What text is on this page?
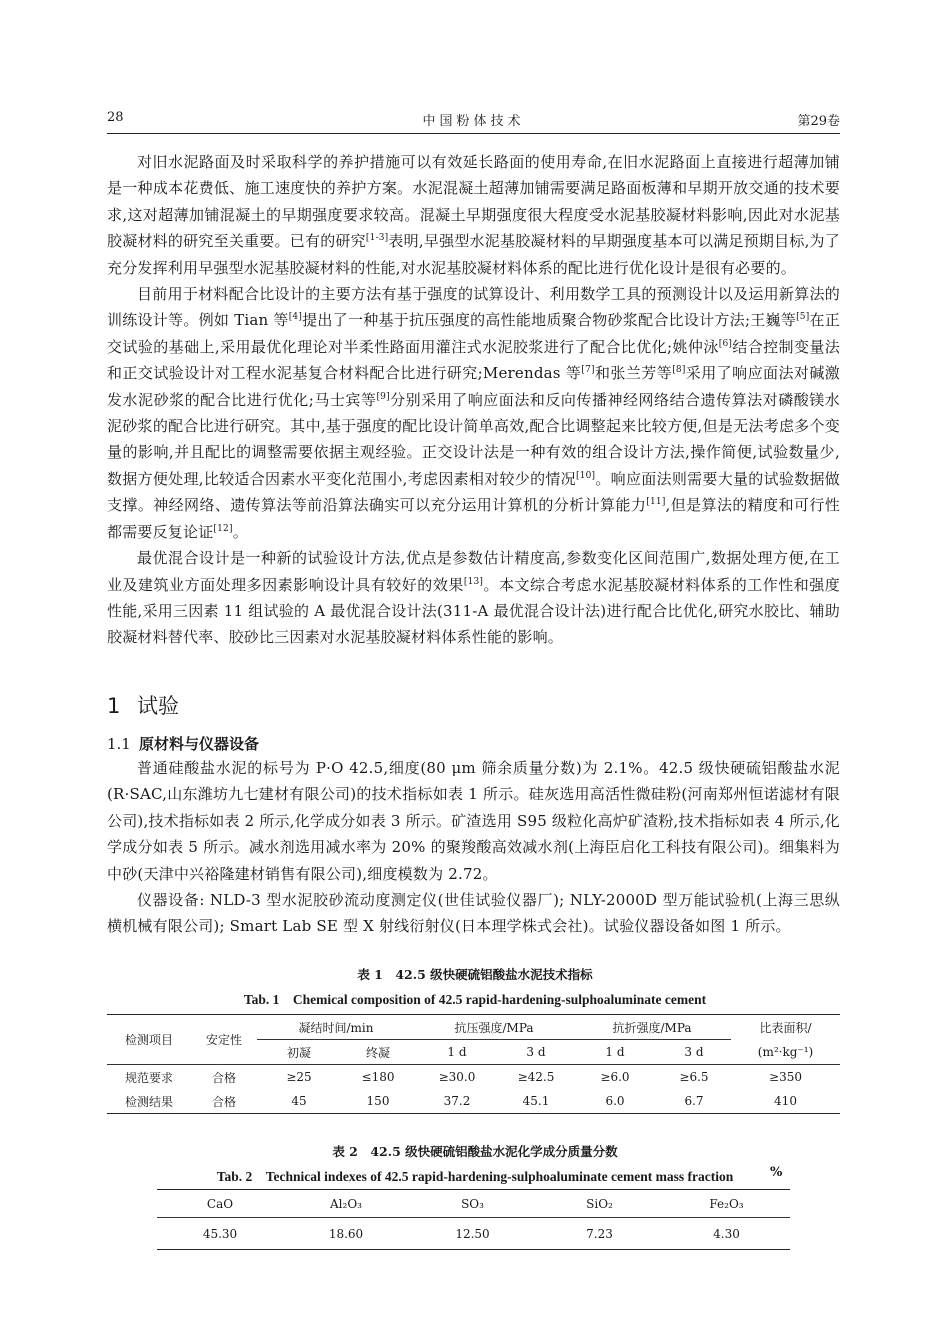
28	中国粉体技术	第29卷

对旧水泥路面及时采取科学的养护措施可以有效延长路面的使用寿命,在旧水泥路面上直接进行超薄加铺是一种成本花费低、施工速度快的养护方案。水泥混凝土超薄加铺需要满足路面板薄和早期开放交通的技术要求,这对超薄加铺混凝土的早期强度要求较高。混凝土早期强度很大程度受水泥基胶凝材料影响,因此对水泥基胶凝材料的研究至关重要。已有的研究[1-3]表明,早强型水泥基胶凝材料的早期强度基本可以满足预期目标,为了充分发挥利用早强型水泥基胶凝材料的性能,对水泥基胶凝材料体系的配比进行优化设计是很有必要的。

目前用于材料配合比设计的主要方法有基于强度的试算设计、利用数学工具的预测设计以及运用新算法的训练设计等。例如 Tian 等[4]提出了一种基于抗压强度的高性能地质聚合物砂浆配合比设计方法;王巍等[5]在正交试验的基础上,采用最优化理论对半柔性路面用灌注式水泥胶浆进行了配合比优化;姚仲泳[6]结合控制变量法和正交试验设计对工程水泥基复合材料配合比进行研究;Merendas 等[7]和张兰芳等[8]采用了响应面法对碱激发水泥砂浆的配合比进行优化;马士宾等[9]分别采用了响应面法和反向传播神经网络结合遗传算法对磷酸镁水泥砂浆的配合比进行研究。其中,基于强度的配比设计简单高效,配合比调整起来比较方便,但是无法考虑多个变量的影响,并且配比的调整需要依据主观经验。正交设计法是一种有效的组合设计方法,操作简便,试验数量少,数据方便处理,比较适合因素水平变化范围小,考虑因素相对较少的情况[10]。响应面法则需要大量的试验数据做支撑。神经网络、遗传算法等前沿算法确实可以充分运用计算机的分析计算能力[11],但是算法的精度和可行性都需要反复论证[12]。

最优混合设计是一种新的试验设计方法,优点是参数估计精度高,参数变化区间范围广,数据处理方便,在工业及建筑业方面处理多因素影响设计具有较好的效果[13]。本文综合考虑水泥基胶凝材料体系的工作性和强度性能,采用三因素 11 组试验的 A 最优混合设计法(311-A 最优混合设计法)进行配合比优化,研究水胶比、辅助胶凝材料替代率、胶砂比三因素对水泥基胶凝材料体系性能的影响。

1 试验
1.1 原材料与仪器设备

普通硅酸盐水泥的标号为 P·O 42.5,细度(80 μm 筛余质量分数)为 2.1%。42.5 级快硬硫铝酸盐水泥(R·SAC,山东潍坊九七建材有限公司)的技术指标如表 1 所示。硅灰选用高活性微硅粉(河南郑州恒诺滤材有限公司),技术指标如表 2 所示,化学成分如表 3 所示。矿渣选用 S95 级粒化高炉矿渣粉,技术指标如表 4 所示,化学成分如表 5 所示。减水剂选用减水率为 20% 的聚羧酸高效减水剂(上海臣启化工科技有限公司)。细集料为中砂(天津中兴裕隆建材销售有限公司),细度模数为 2.72。

仪器设备: NLD-3 型水泥胶砂流动度测定仪(世佳试验仪器厂); NLY-2000D 型万能试验机(上海三思纵横机械有限公司); Smart Lab SE 型 X 射线衍射仪(日本理学株式会社)。试验仪器设备如图 1 所示。

表 1　42.5 级快硬硫铝酸盐水泥技术指标
Tab. 1　Chemical composition of 42.5 rapid-hardening-sulphoaluminate cement
检测项目	安定性	凝结时间/min		抗压强度/MPa		抗折强度/MPa		比表面积/
		初凝	终凝	1 d	3 d	1 d	3 d	(m²·kg⁻¹)
规范要求	合格	≥25	≤180	≥30.0	≥42.5	≥6.0	≥6.5	≥350
检测结果	合格	45	150	37.2	45.1	6.0	6.7	410
表 2　42.5 级快硬硫铝酸盐水泥化学成分质量分数
Tab. 2　Technical indexes of 42.5 rapid-hardening-sulphoaluminate cement mass fraction	%
CaO	Al₂O₃	SO₃	SiO₂	Fe₂O₃
45.30	18.60	12.50	7.23	4.30
